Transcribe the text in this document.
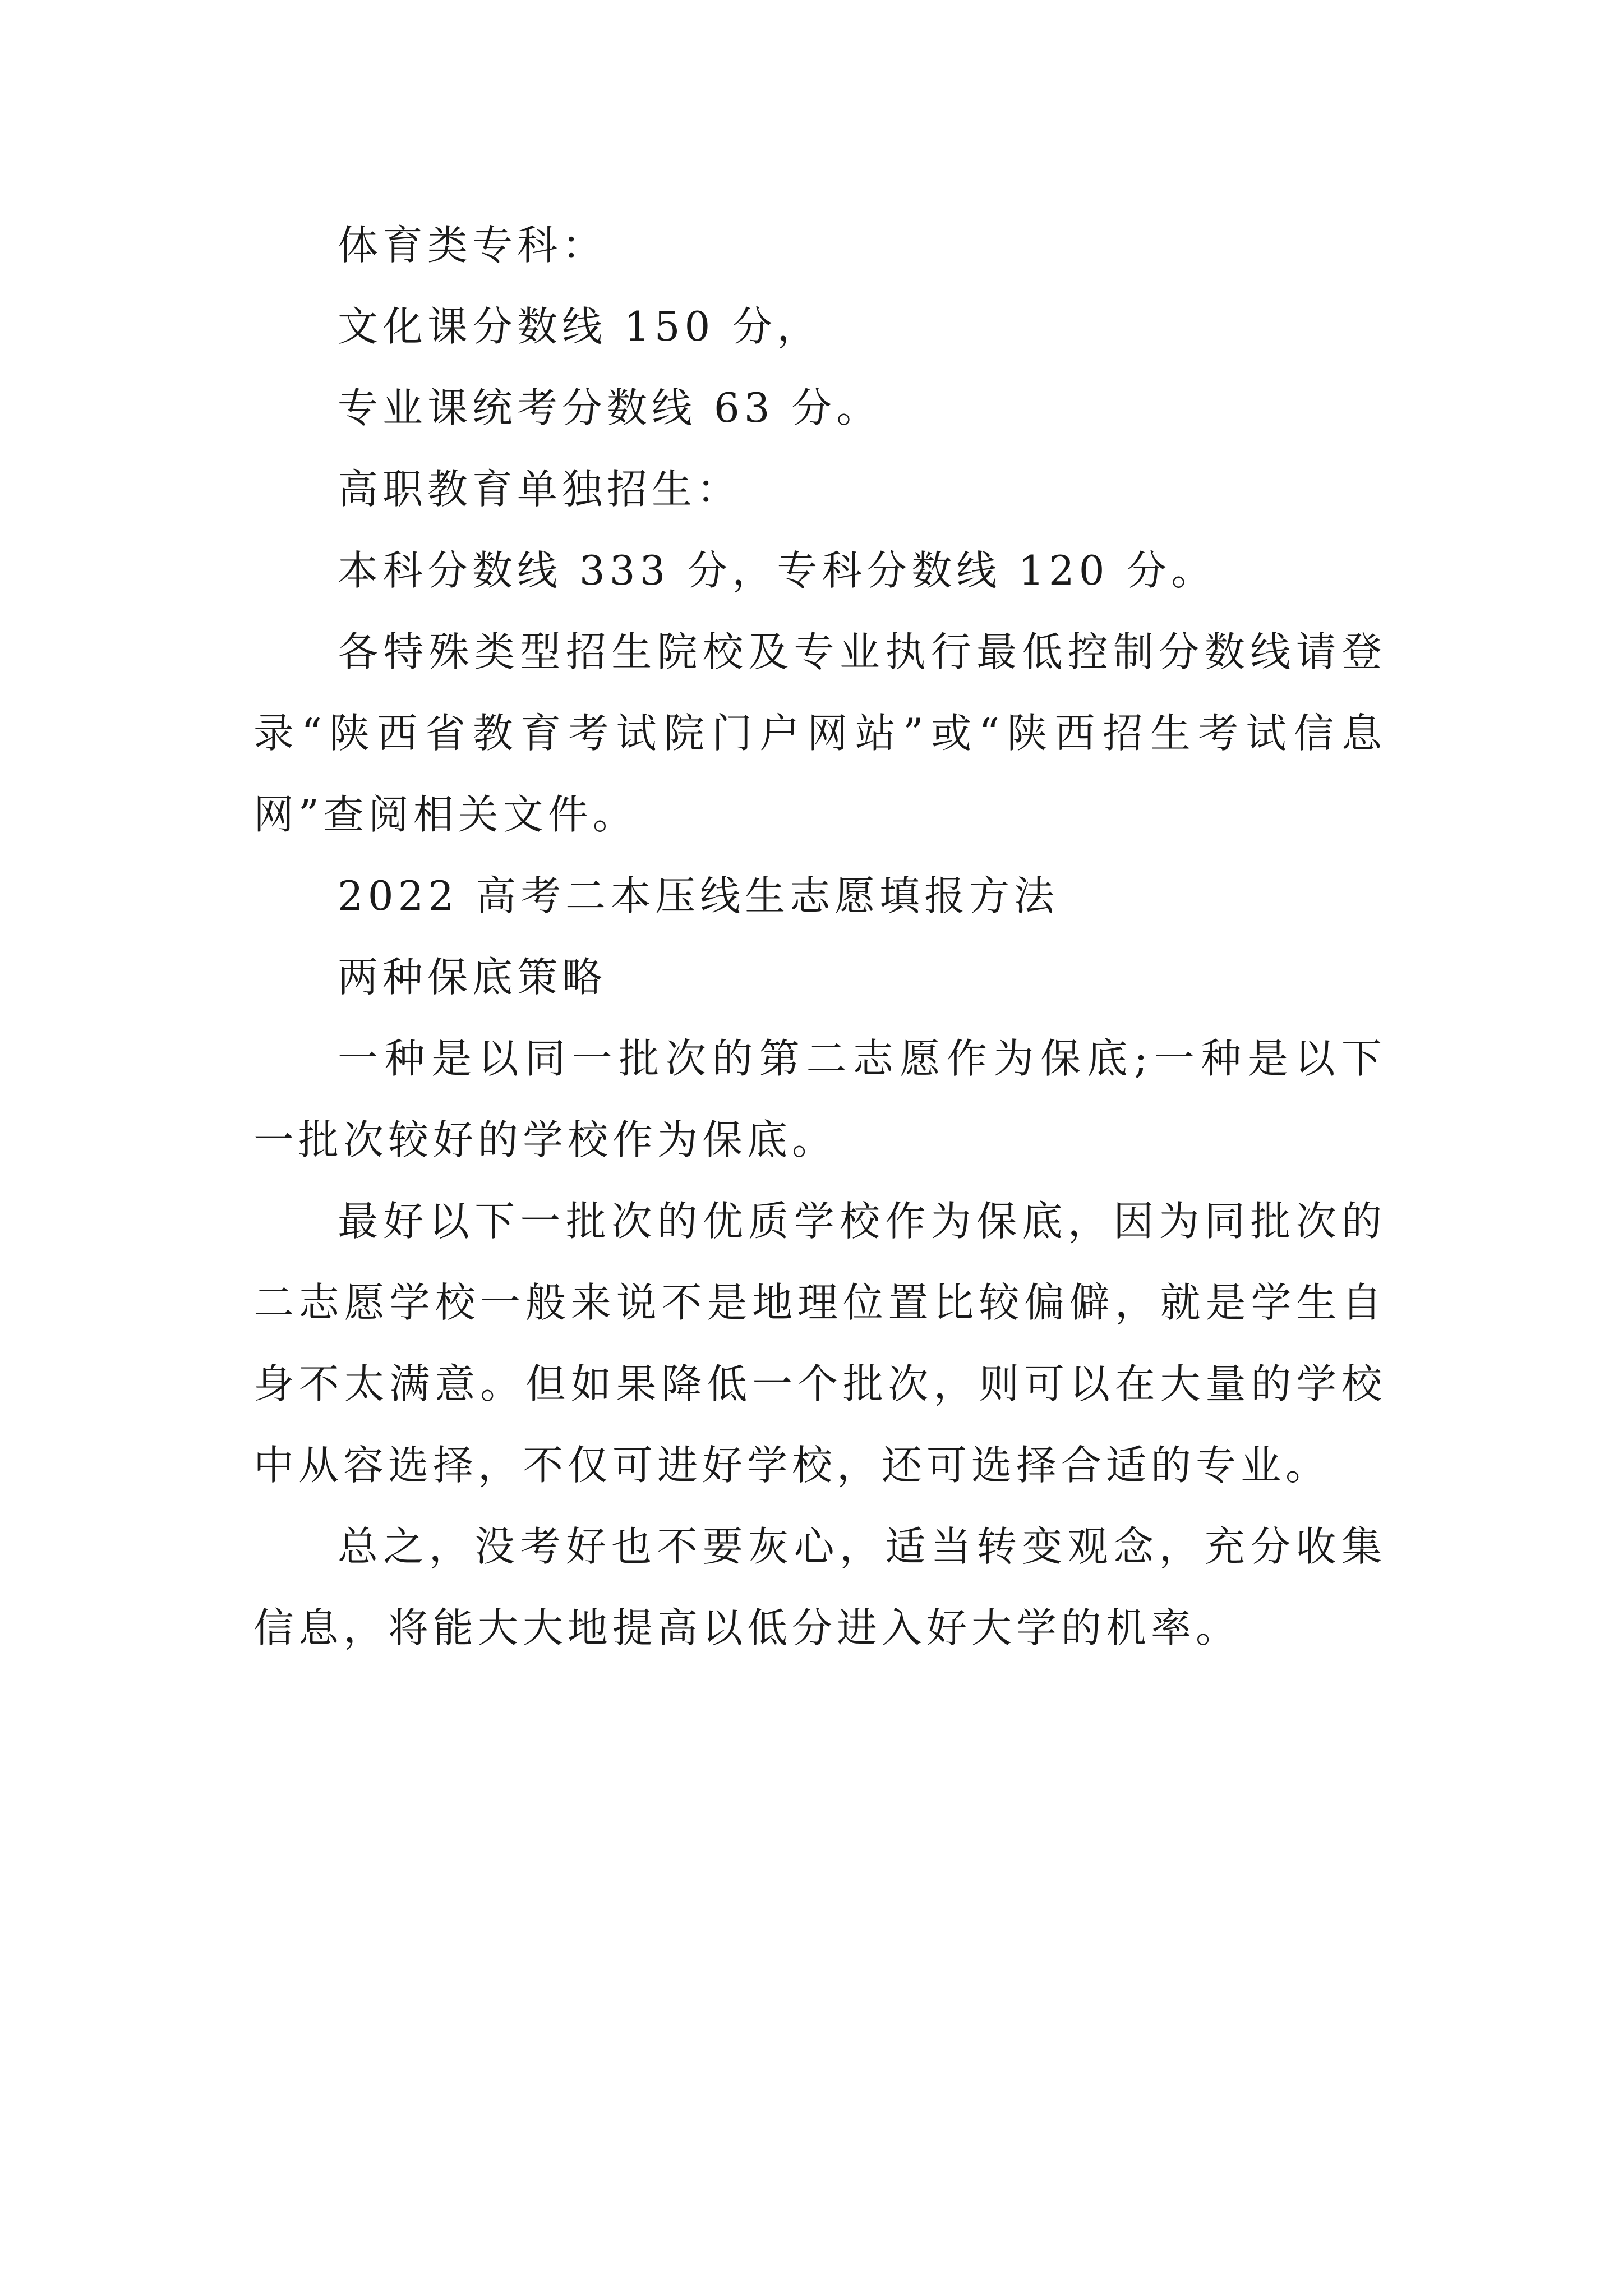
体育类专科：

文化课分数线 150 分，

专业课统考分数线 63 分。

高职教育单独招生：

本科分数线 333 分，专科分数线 120 分。

各特殊类型招生院校及专业执行最低控制分数线请登录“陕西省教育考试院门户网站”或“陕西招生考试信息网”查阅相关文件。

2022 高考二本压线生志愿填报方法

两种保底策略

一种是以同一批次的第二志愿作为保底;一种是以下一批次较好的学校作为保底。

最好以下一批次的优质学校作为保底，因为同批次的二志愿学校一般来说不是地理位置比较偏僻，就是学生自身不太满意。但如果降低一个批次，则可以在大量的学校中从容选择，不仅可进好学校，还可选择合适的专业。

总之，没考好也不要灰心，适当转变观念，充分收集信息，将能大大地提高以低分进入好大学的机率。
